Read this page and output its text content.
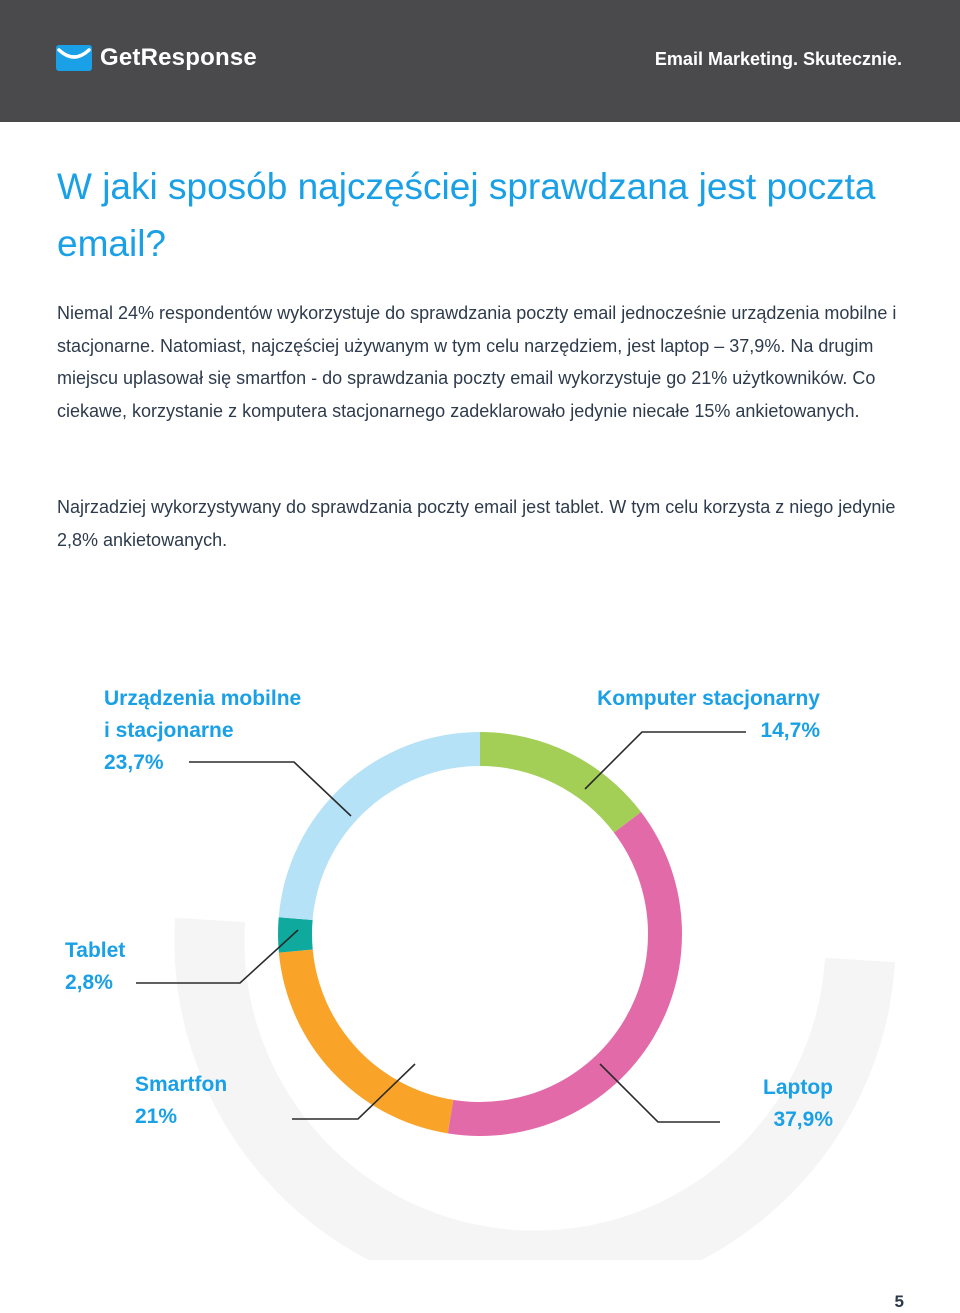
GetResponse	Email Marketing. Skutecznie.
W jaki sposób najczęściej sprawdzana jest poczta email?

Niemal 24% respondentów wykorzystuje do sprawdzania poczty email jednocześnie urządzenia mobilne i stacjonarne. Natomiast, najczęściej używanym w tym celu narzędziem, jest laptop – 37,9%. Na drugim miejscu uplasował się smartfon - do sprawdzania poczty email wykorzystuje go 21% użytkowników. Co ciekawe, korzystanie z komputera stacjonarnego zadeklarowało jedynie niecałe 15% ankietowanych.

Najrzadziej wykorzystywany do sprawdzania poczty email jest tablet. W tym celu korzysta z niego jedynie 2,8% ankietowanych.

Komputer stacjonarny 14,7%
Laptop 37,9%
Smartfon 21%
Tablet 2,8%
Urządzenia mobilne i stacjonarne 23,7%
5
